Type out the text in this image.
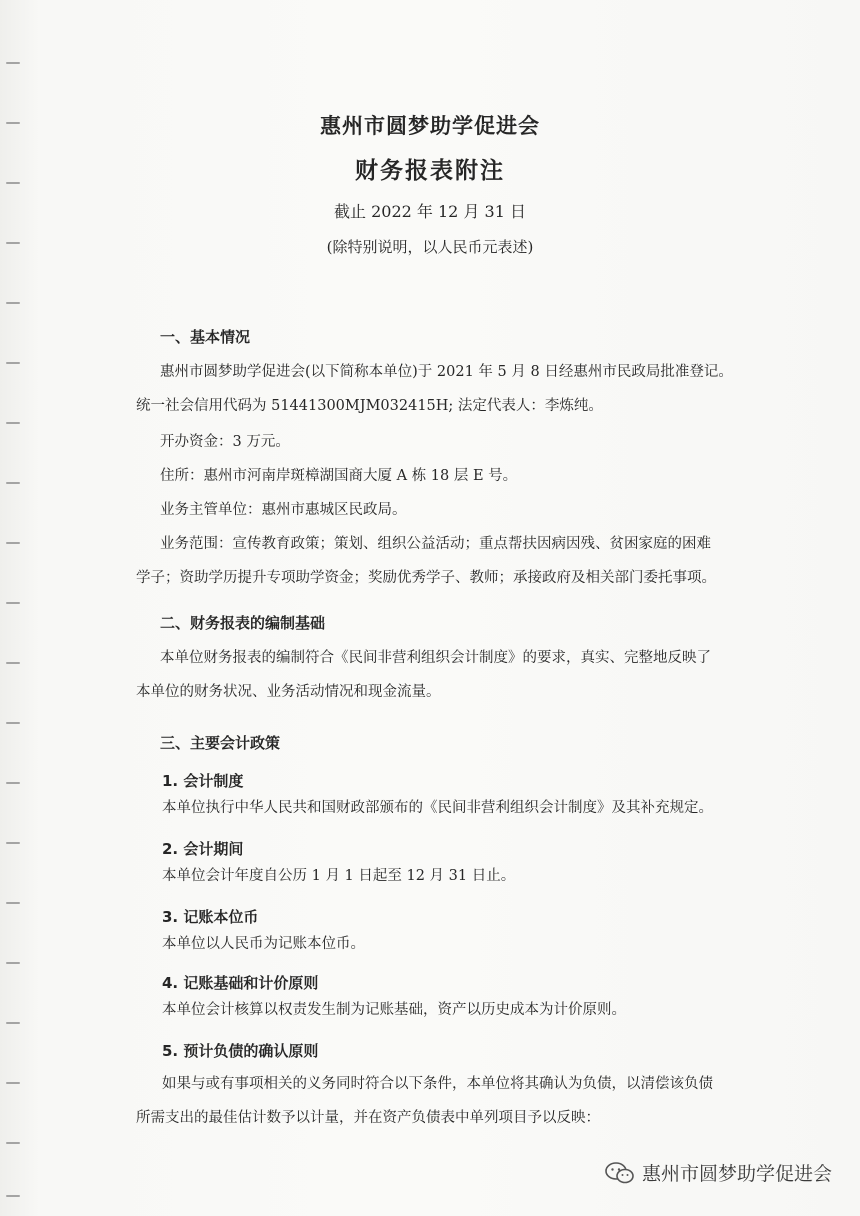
惠州市圆梦助学促进会
财务报表附注
截止 2022 年 12 月 31 日
(除特别说明，以人民币元表述)
一、基本情况
惠州市圆梦助学促进会(以下简称本单位)于 2021 年 5 月 8 日经惠州市民政局批准登记。
统一社会信用代码为 51441300MJM032415H; 法定代表人：李炼纯。
开办资金：3 万元。
住所：惠州市河南岸斑樟湖国商大厦 A 栋 18 层 E 号。
业务主管单位：惠州市惠城区民政局。
业务范围：宣传教育政策；策划、组织公益活动；重点帮扶因病因残、贫困家庭的困难
学子；资助学历提升专项助学资金；奖励优秀学子、教师；承接政府及相关部门委托事项。
二、财务报表的编制基础
本单位财务报表的编制符合《民间非营利组织会计制度》的要求，真实、完整地反映了
本单位的财务状况、业务活动情况和现金流量。
三、主要会计政策
1. 会计制度
本单位执行中华人民共和国财政部颁布的《民间非营利组织会计制度》及其补充规定。
2. 会计期间
本单位会计年度自公历 1 月 1 日起至 12 月 31 日止。
3. 记账本位币
本单位以人民币为记账本位币。
4. 记账基础和计价原则
本单位会计核算以权责发生制为记账基础，资产以历史成本为计价原则。
5. 预计负债的确认原则
如果与或有事项相关的义务同时符合以下条件，本单位将其确认为负债，以清偿该负债
所需支出的最佳估计数予以计量，并在资产负债表中单列项目予以反映：
惠州市圆梦助学促进会
